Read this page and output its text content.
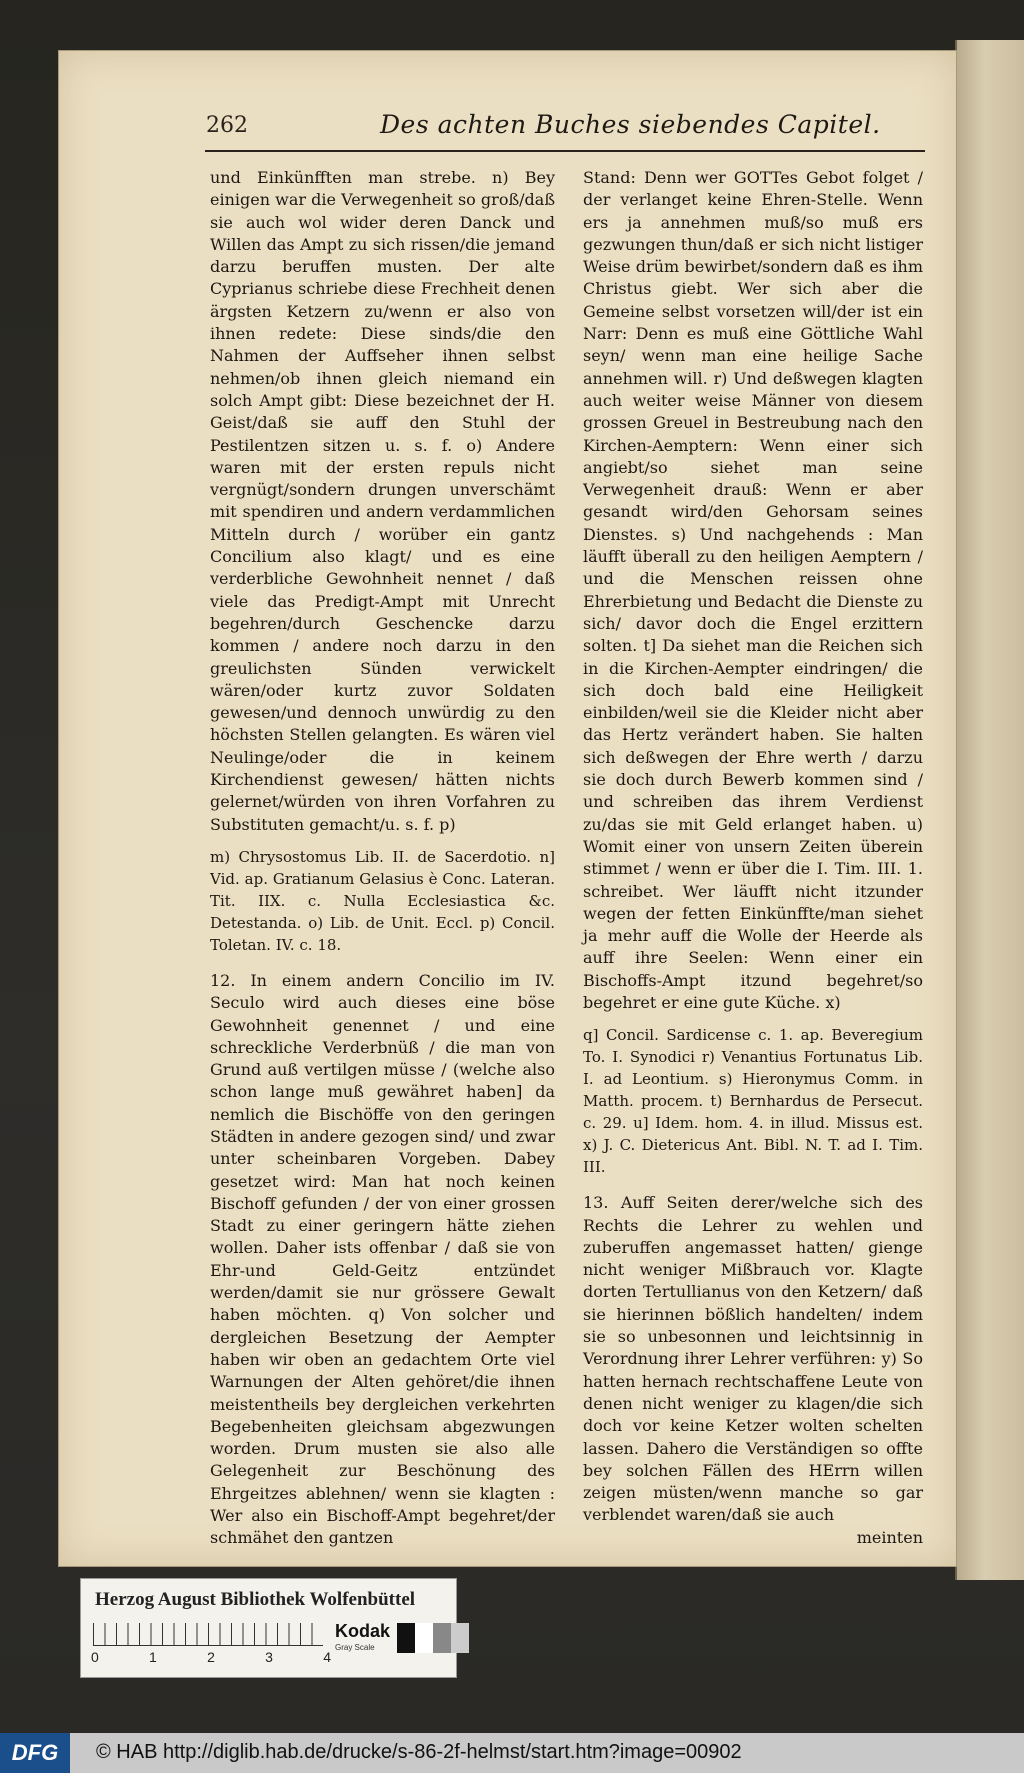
262	Des achten Buches siebendes Capitel.

und Einkünfften man strebe. n) Bey einigen war die Verwegenheit so groß/daß sie auch wol wider deren Danck und Willen das Ampt zu sich rissen/die jemand darzu beruffen musten. Der alte Cyprianus schriebe diese Frechheit denen ärgsten Ketzern zu/wenn er also von ihnen redete: Diese sinds/die den Nahmen der Auffseher ihnen selbst nehmen/ob ihnen gleich niemand ein solch Ampt gibt: Diese bezeichnet der H. Geist/daß sie auff den Stuhl der Pestilentzen sitzen u. s. f. o) Andere waren mit der ersten repuls nicht vergnügt/sondern drungen unverschämt mit spendiren und andern verdammlichen Mitteln durch / worüber ein gantz Concilium also klagt/ und es eine verderbliche Gewohnheit nennet / daß viele das Predigt-Ampt mit Unrecht begehren/durch Geschencke darzu kommen / andere noch darzu in den greulichsten Sünden verwickelt wären/oder kurtz zuvor Soldaten gewesen/und dennoch unwürdig zu den höchsten Stellen gelangten. Es wären viel Neulinge/oder die in keinem Kirchendienst gewesen/ hätten nichts gelernet/würden von ihren Vorfahren zu Substituten gemacht/u. s. f. p)

m) Chrysostomus Lib. II. de Sacerdotio. n] Vid. ap. Gratianum Gelasius è Conc. Lateran. Tit. IIX. c. Nulla Ecclesiastica &c. Detestanda. o) Lib. de Unit. Eccl. p) Concil. Toletan. IV. c. 18.

12. In einem andern Concilio im IV. Seculo wird auch dieses eine böse Gewohnheit genennet / und eine schreckliche Verderbnüß / die man von Grund auß vertilgen müsse / (welche also schon lange muß gewähret haben] da nemlich die Bischöffe von den geringen Städten in andere gezogen sind/ und zwar unter scheinbaren Vorgeben. Dabey gesetzet wird: Man hat noch keinen Bischoff gefunden / der von einer grossen Stadt zu einer geringern hätte ziehen wollen. Daher ists offenbar / daß sie von Ehr-und Geld-Geitz entzündet werden/damit sie nur grössere Gewalt haben möchten. q) Von solcher und dergleichen Besetzung der Aempter haben wir oben an gedachtem Orte viel Warnungen der Alten gehöret/die ihnen meistentheils bey dergleichen verkehrten Begebenheiten gleichsam abgezwungen worden. Drum musten sie also alle Gelegenheit zur Beschönung des Ehrgeitzes ablehnen/ wenn sie klagten : Wer also ein Bischoff-Ampt begehret/der schmähet den gantzen

Stand: Denn wer GOTTes Gebot folget / der verlanget keine Ehren-Stelle. Wenn ers ja annehmen muß/so muß ers gezwungen thun/daß er sich nicht listiger Weise drüm bewirbet/sondern daß es ihm Christus giebt. Wer sich aber die Gemeine selbst vorsetzen will/der ist ein Narr: Denn es muß eine Göttliche Wahl seyn/ wenn man eine heilige Sache annehmen will. r) Und deßwegen klagten auch weiter weise Männer von diesem grossen Greuel in Bestreubung nach den Kirchen-Aemptern: Wenn einer sich angiebt/so siehet man seine Verwegenheit drauß: Wenn er aber gesandt wird/den Gehorsam seines Dienstes. s) Und nachgehends : Man läufft überall zu den heiligen Aemptern / und die Menschen reissen ohne Ehrerbietung und Bedacht die Dienste zu sich/ davor doch die Engel erzittern solten. t] Da siehet man die Reichen sich in die Kirchen-Aempter eindringen/ die sich doch bald eine Heiligkeit einbilden/weil sie die Kleider nicht aber das Hertz verändert haben. Sie halten sich deßwegen der Ehre werth / darzu sie doch durch Bewerb kommen sind / und schreiben das ihrem Verdienst zu/das sie mit Geld erlanget haben. u) Womit einer von unsern Zeiten überein stimmet / wenn er über die I. Tim. III. 1. schreibet. Wer läufft nicht itzunder wegen der fetten Einkünffte/man siehet ja mehr auff die Wolle der Heerde als auff ihre Seelen: Wenn einer ein Bischoffs-Ampt itzund begehret/so begehret er eine gute Küche. x)

q] Concil. Sardicense c. 1. ap. Beveregium To. I. Synodici r) Venantius Fortunatus Lib. I. ad Leontium. s) Hieronymus Comm. in Matth. procem. t) Bernhardus de Persecut. c. 29. u] Idem. hom. 4. in illud. Missus est. x) J. C. Dietericus Ant. Bibl. N. T. ad I. Tim. III.

13. Auff Seiten derer/welche sich des Rechts die Lehrer zu wehlen und zuberuffen angemasset hatten/ gienge nicht weniger Mißbrauch vor. Klagte dorten Tertullianus von den Ketzern/ daß sie hierinnen bößlich handelten/ indem sie so unbesonnen und leichtsinnig in Verordnung ihrer Lehrer verführen: y) So hatten hernach rechtschaffene Leute von denen nicht weniger zu klagen/die sich doch vor keine Ketzer wolten schelten lassen. Dahero die Verständigen so offte bey solchen Fällen des HErrn willen zeigen müsten/wenn manche so gar verblendet waren/daß sie auch

meinten

Herzog August Bibliothek Wolfenbüttel
0	1	2	3	4
Kodak
Gray Scale
DFG	© HAB http://diglib.hab.de/drucke/s-86-2f-helmst/start.htm?image=00902
